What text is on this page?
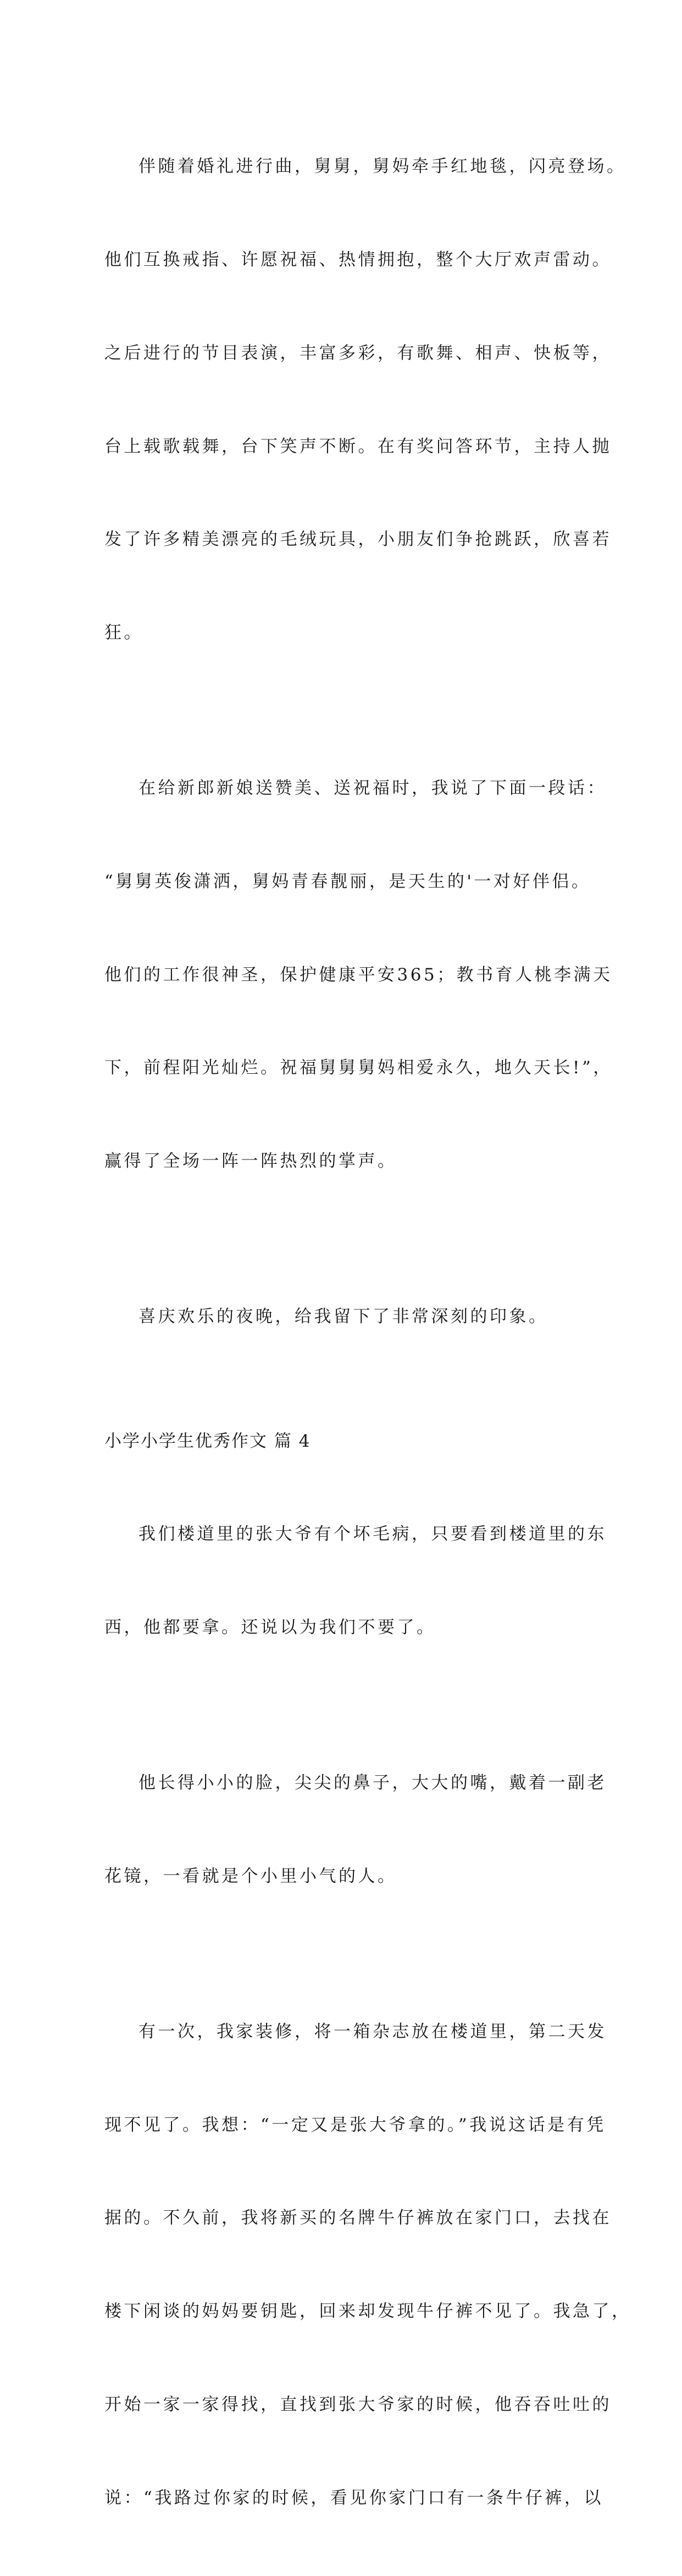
伴随着婚礼进行曲，舅舅，舅妈牵手红地毯，闪亮登场。

他们互换戒指、许愿祝福、热情拥抱，整个大厅欢声雷动。

之后进行的节目表演，丰富多彩，有歌舞、相声、快板等，

台上载歌载舞，台下笑声不断。在有奖问答环节，主持人抛

发了许多精美漂亮的毛绒玩具，小朋友们争抢跳跃，欣喜若

狂。

在给新郎新娘送赞美、送祝福时，我说了下面一段话：

“舅舅英俊潇洒，舅妈青春靓丽，是天生的'一对好伴侣。

他们的工作很神圣，保护健康平安365；教书育人桃李满天

下，前程阳光灿烂。祝福舅舅舅妈相爱永久，地久天长!”，

赢得了全场一阵一阵热烈的掌声。

喜庆欢乐的夜晚，给我留下了非常深刻的印象。

小学小学生优秀作文 篇 4

我们楼道里的张大爷有个坏毛病，只要看到楼道里的东

西，他都要拿。还说以为我们不要了。

他长得小小的脸，尖尖的鼻子，大大的嘴，戴着一副老

花镜，一看就是个小里小气的人。

有一次，我家装修，将一箱杂志放在楼道里，第二天发

现不见了。我想：“一定又是张大爷拿的。”我说这话是有凭

据的。不久前，我将新买的名牌牛仔裤放在家门口，去找在

楼下闲谈的妈妈要钥匙，回来却发现牛仔裤不见了。我急了，

开始一家一家得找，直找到张大爷家的时候，他吞吞吐吐的

说：“我路过你家的时候，看见你家门口有一条牛仔裤，以
